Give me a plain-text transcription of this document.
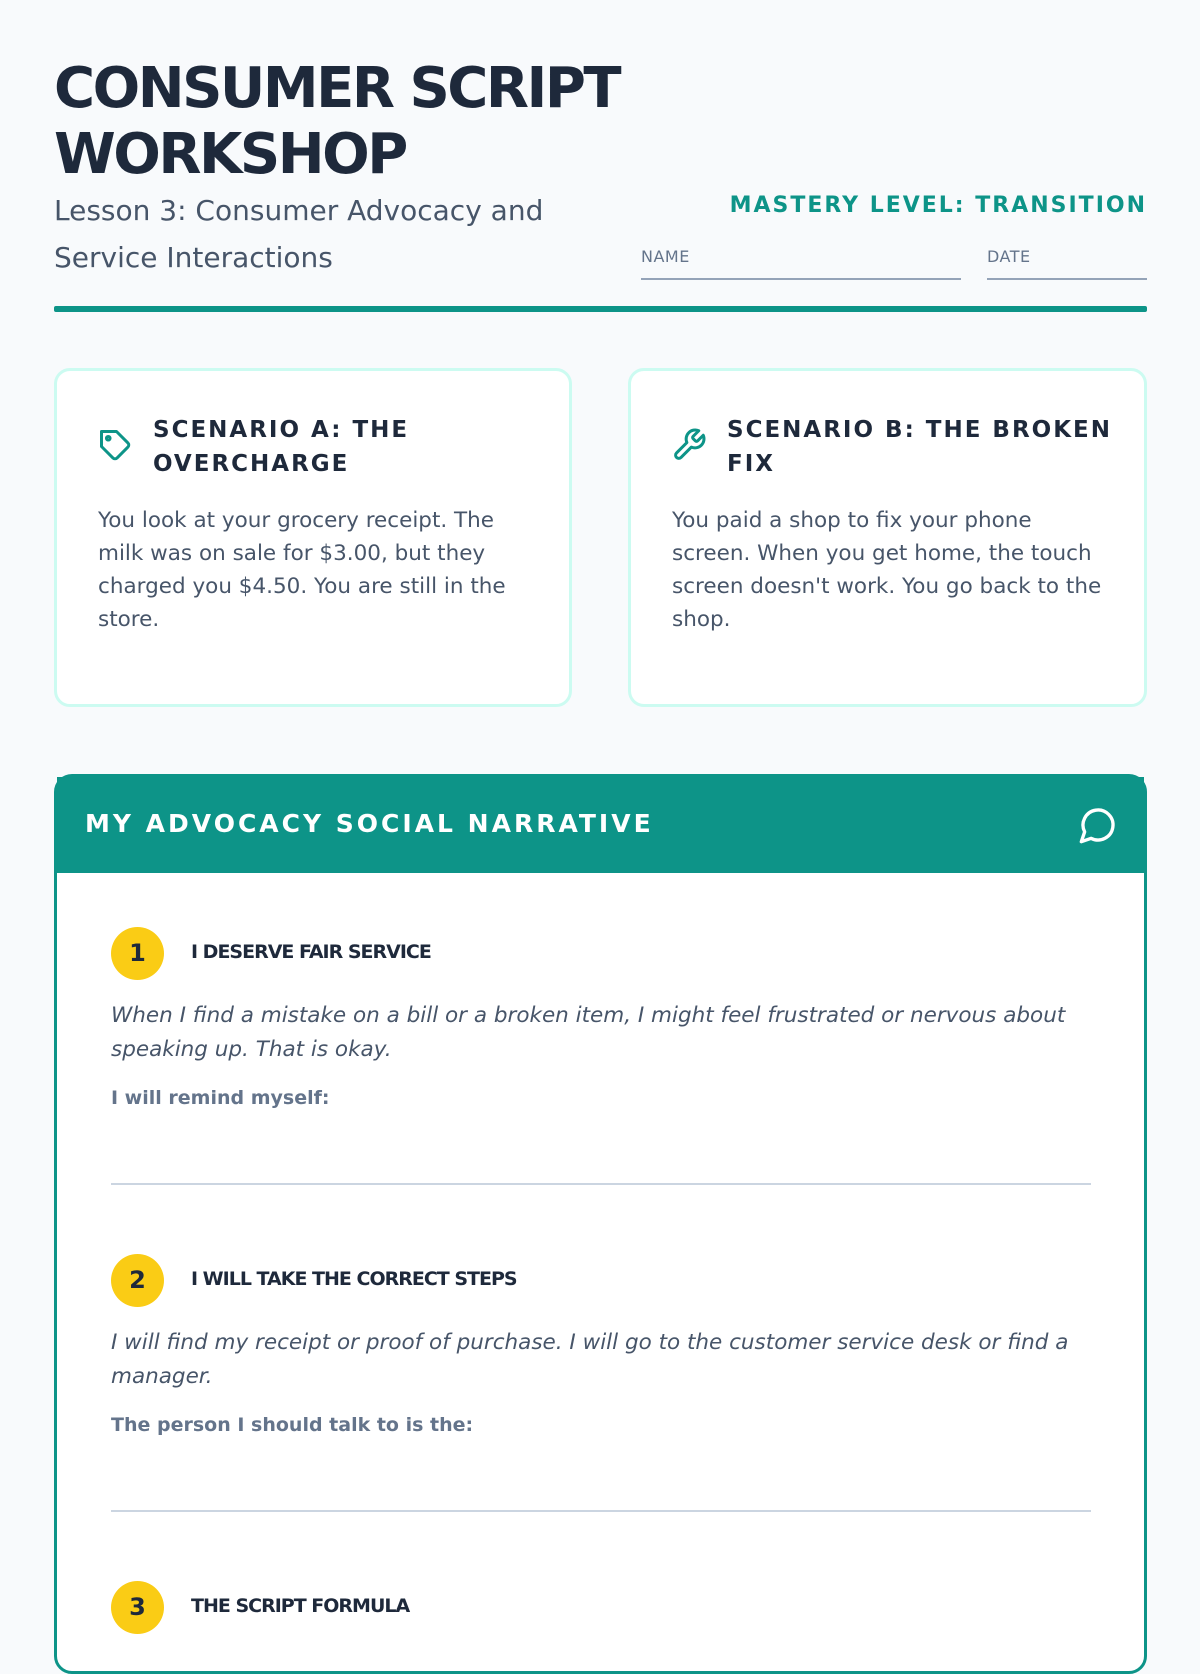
CONSUMER SCRIPT WORKSHOP
Lesson 3: Consumer Advocacy and Service Interactions
MASTERY LEVEL: TRANSITION
NAME	DATE
SCENARIO A: THE OVERCHARGE
You look at your grocery receipt. The milk was on sale for $3.00, but they charged you $4.50. You are still in the store.
SCENARIO B: THE BROKEN FIX
You paid a shop to fix your phone screen. When you get home, the touch screen doesn't work. You go back to the shop.
MY ADVOCACY SOCIAL NARRATIVE
1	I DESERVE FAIR SERVICE
When I find a mistake on a bill or a broken item, I might feel frustrated or nervous about speaking up. That is okay.
I will remind myself:
2	I WILL TAKE THE CORRECT STEPS
I will find my receipt or proof of purchase. I will go to the customer service desk or find a manager.
The person I should talk to is the:
3	THE SCRIPT FORMULA
